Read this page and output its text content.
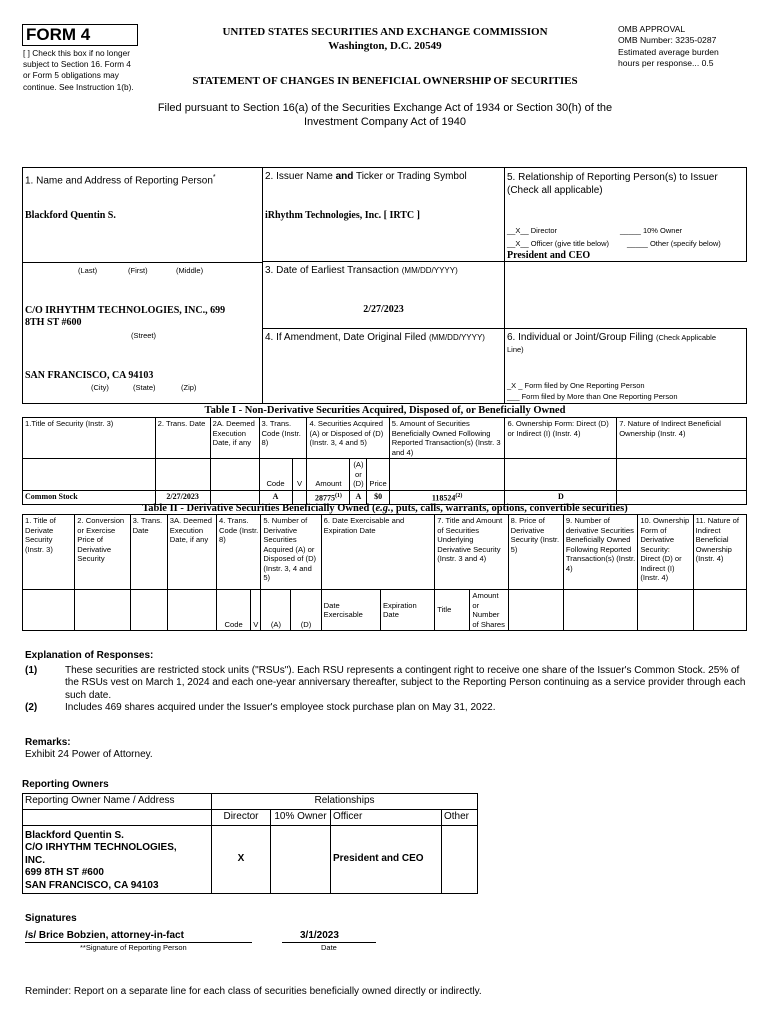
FORM 4
[ ] Check this box if no longer
subject to Section 16. Form 4
or Form 5 obligations may
continue. See Instruction 1(b).
UNITED STATES SECURITIES AND EXCHANGE COMMISSION
Washington, D.C. 20549
OMB APPROVAL
OMB Number: 3235-0287
Estimated average burden
hours per response... 0.5
STATEMENT OF CHANGES IN BENEFICIAL OWNERSHIP OF SECURITIES
Filed pursuant to Section 16(a) of the Securities Exchange Act of 1934 or Section 30(h) of the
Investment Company Act of 1940
1. Name and Address of Reporting Person*
Blackford Quentin S.
(Last)	(First)	(Middle)
C/O IRHYTHM TECHNOLOGIES, INC., 699
8TH ST #600
(Street)
SAN FRANCISCO, CA 94103
(City)	(State)	(Zip)
2. Issuer Name and Ticker or Trading Symbol
iRhythm Technologies, Inc. [ IRTC ]
3. Date of Earliest Transaction (MM/DD/YYYY)
2/27/2023
4. If Amendment, Date Original Filed (MM/DD/YYYY)
5. Relationship of Reporting Person(s) to Issuer
(Check all applicable)
__X__ Director	_____ 10% Owner
__X__ Officer (give title below) _____ Other (specify below)
President and CEO
6. Individual or Joint/Group Filing (Check Applicable
Line)
_X _ Form filed by One Reporting Person
___ Form filed by More than One Reporting Person
Table I - Non-Derivative Securities Acquired, Disposed of, or Beneficially Owned
1.Title of Security (Instr. 3)	2. Trans. Date	2A. Deemed Execution Date, if any	3. Trans. Code (Instr. 8)		4. Securities Acquired (A) or Disposed of (D) (Instr. 3, 4 and 5)			5. Amount of Securities Beneficially Owned Following Reported Transaction(s) (Instr. 3 and 4)	6. Ownership Form: Direct (D) or Indirect (I) (Instr. 4)	7. Nature of Indirect Beneficial Ownership (Instr. 4)
			Code	V	Amount	(A) or (D)	Price			
Common Stock	2/27/2023		A		28775$^{(1)}$	A	$0	118524$^{(2)}$	D	
Table II - Derivative Securities Beneficially Owned (e.g., puts, calls, warrants, options, convertible securities)
1. Title of Derivate Security (Instr. 3)	2. Conversion or Exercise Price of Derivative Security	3. Trans. Date	3A. Deemed Execution Date, if any	4. Trans. Code (Instr. 8)		5. Number of Derivative Securities Acquired (A) or Disposed of (D) (Instr. 3, 4 and 5)		6. Date Exercisable and Expiration Date		7. Title and Amount of Securities Underlying Derivative Security (Instr. 3 and 4)		8. Price of Derivative Security (Instr. 5)	9. Number of derivative Securities Beneficially Owned Following Reported Transaction(s) (Instr. 4)	10. Ownership Form of Derivative Security: Direct (D) or Indirect (I) (Instr. 4)	11. Nature of Indirect Beneficial Ownership (Instr. 4)
				Code	V	(A)	(D)	Date Exercisable	Expiration Date	Title	Amount or Number of Shares				
Explanation of Responses:
(1)	These securities are restricted stock units ("RSUs"). Each RSU represents a contingent right to receive one share of the Issuer's Common Stock. 25% of the RSUs vest on March 1, 2024 and each one-year anniversary thereafter, subject to the Reporting Person continuing as a service provider through each such date.
(2)	Includes 469 shares acquired under the Issuer's employee stock purchase plan on May 31, 2022.
Remarks:
Exhibit 24 Power of Attorney.
Reporting Owners
Reporting Owner Name / Address	Relationships			
	Director	10% Owner	Officer	Other

Blackford Quentin S.
C/O IRHYTHM TECHNOLOGIES,
INC.
699 8TH ST #600
SAN FRANCISCO, CA 94103	X		President and CEO	
Signatures
/s/ Brice Bobzien, attorney-in-fact
**Signature of Reporting Person
3/1/2023
Date
Reminder: Report on a separate line for each class of securities beneficially owned directly or indirectly.
